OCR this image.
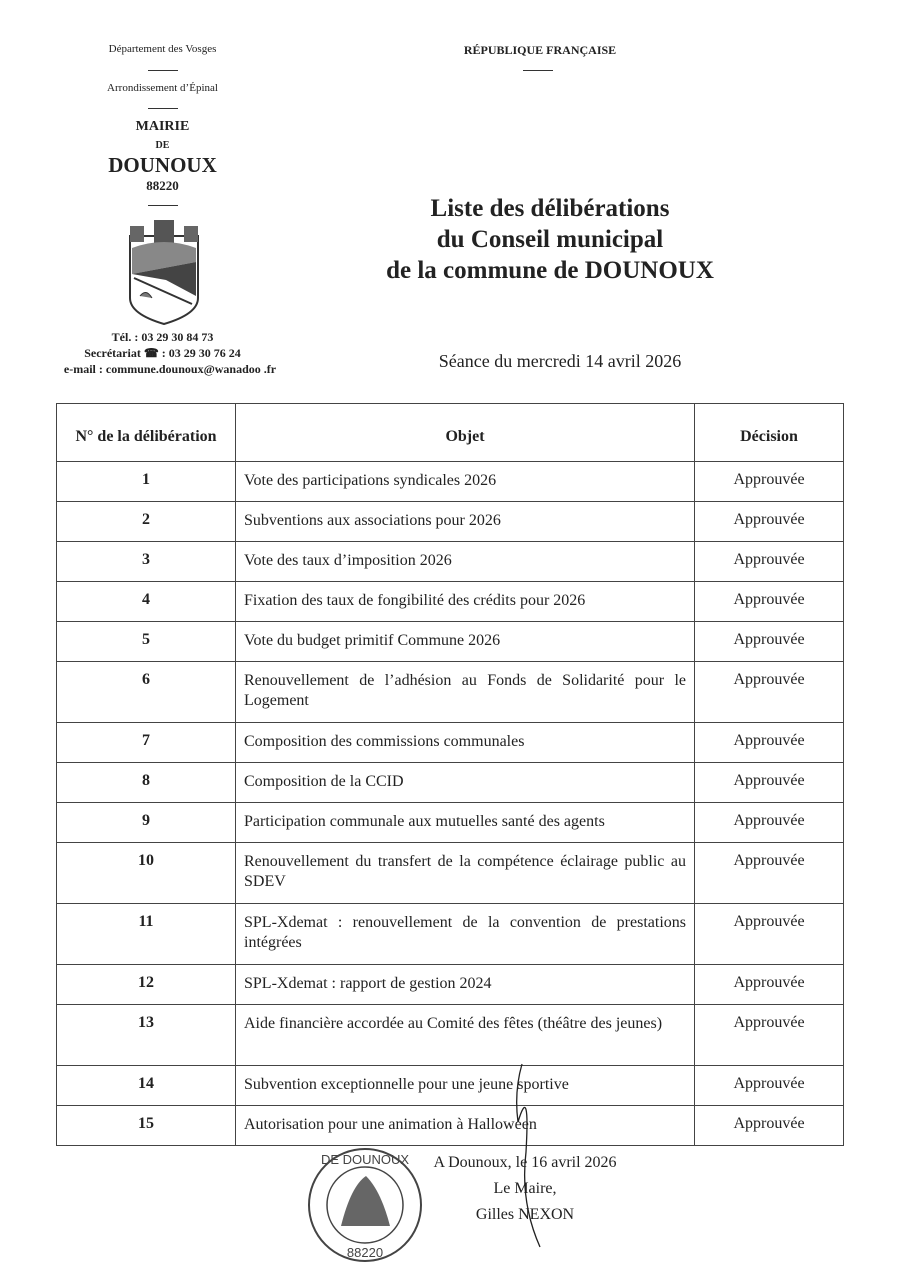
Département des Vosges
Arrondissement d’Épinal
MAIRIE
DE
DOUNOUX
88220
Tél. : 03 29 30 84 73
Secrétariat ☎ : 03 29 30 76 24
e-mail : commune.dounoux@wanadoo .fr
RÉPUBLIQUE FRANÇAISE
Liste des délibérations
du Conseil municipal
de la commune de DOUNOUX
Séance du mercredi 14 avril 2026
N° de la délibération	Objet	Décision
1	Vote des participations syndicales 2026	Approuvée
2	Subventions aux associations pour 2026	Approuvée
3	Vote des taux d’imposition 2026	Approuvée
4	Fixation des taux de fongibilité des crédits pour 2026	Approuvée
5	Vote du budget primitif Commune 2026	Approuvée
6	Renouvellement de l’adhésion au Fonds de Solidarité pour le Logement	Approuvée
7	Composition des commissions communales	Approuvée
8	Composition de la CCID	Approuvée
9	Participation communale aux mutuelles santé des agents	Approuvée
10	Renouvellement du transfert de la compétence éclairage public au SDEV	Approuvée
11	SPL-Xdemat : renouvellement de la convention de prestations intégrées	Approuvée
12	SPL-Xdemat : rapport de gestion 2024	Approuvée
13	Aide financière accordée au Comité des fêtes (théâtre des jeunes)	Approuvée
14	Subvention exceptionnelle pour une jeune sportive	Approuvée
15	Autorisation pour une animation à Halloween	Approuvée
DE DOUNOUX
88220
A Dounoux, le 16 avril 2026
Le Maire,
Gilles NEXON
